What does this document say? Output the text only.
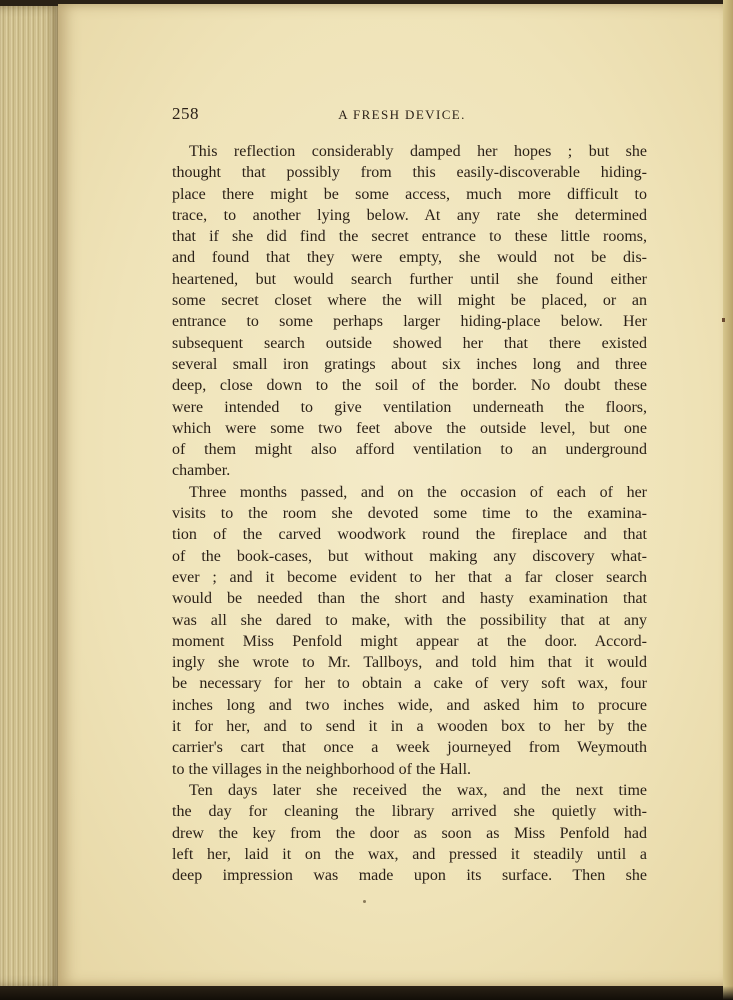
258	A FRESH DEVICE.
This reflection considerably damped her hopes ; but she
thought that possibly from this easily-discoverable hiding-
place there might be some access, much more difficult to
trace, to another lying below. At any rate she determined
that if she did find the secret entrance to these little rooms,
and found that they were empty, she would not be dis-
heartened, but would search further until she found either
some secret closet where the will might be placed, or an
entrance to some perhaps larger hiding-place below. Her
subsequent search outside showed her that there existed
several small iron gratings about six inches long and three
deep, close down to the soil of the border. No doubt these
were intended to give ventilation underneath the floors,
which were some two feet above the outside level, but one
of them might also afford ventilation to an underground
chamber.
Three months passed, and on the occasion of each of her
visits to the room she devoted some time to the examina-
tion of the carved woodwork round the fireplace and that
of the book-cases, but without making any discovery what-
ever ; and it become evident to her that a far closer search
would be needed than the short and hasty examination that
was all she dared to make, with the possibility that at any
moment Miss Penfold might appear at the door. Accord-
ingly she wrote to Mr. Tallboys, and told him that it would
be necessary for her to obtain a cake of very soft wax, four
inches long and two inches wide, and asked him to procure
it for her, and to send it in a wooden box to her by the
carrier's cart that once a week journeyed from Weymouth
to the villages in the neighborhood of the Hall.
Ten days later she received the wax, and the next time
the day for cleaning the library arrived she quietly with-
drew the key from the door as soon as Miss Penfold had
left her, laid it on the wax, and pressed it steadily until a
deep impression was made upon its surface. Then she
